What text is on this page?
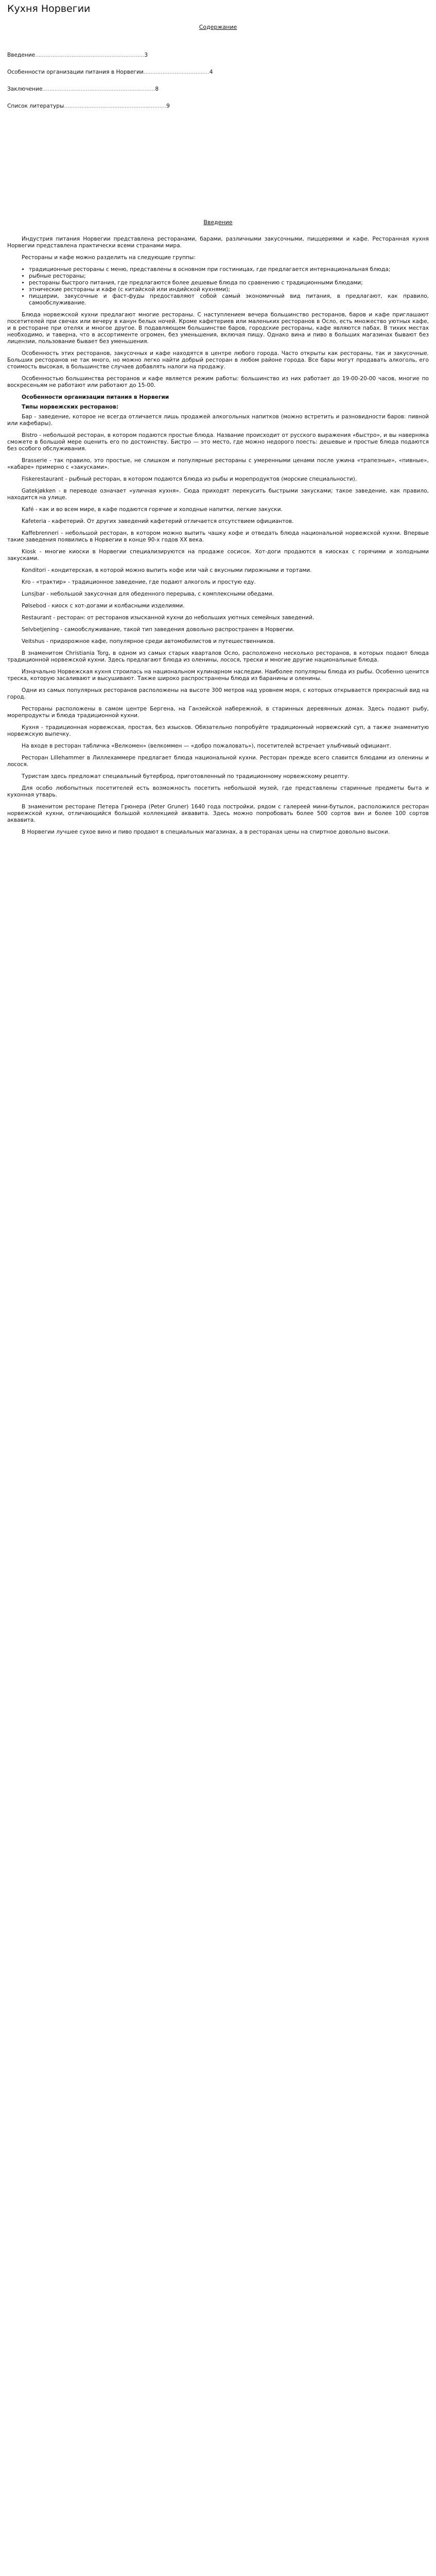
Кухня Норвегии
Содержание
Введение...............................................................3
Особенности организации питания в Норвегии......................................4
Заключение.................................................................8
Список литературы...........................................................9
Введение

Индустрия питания Норвегии представлена ресторанами, барами, различными закусочными, пиццериями и кафе. Ресторанная кухня Норвегии представлена практически всеми странами мира.

Рестораны и кафе можно разделить на следующие группы:

• традиционные рестораны с меню, представлены в основном при гостиницах, где предлагается интернациональная блюда;
• рыбные рестораны;
• рестораны быстрого питания, где предлагаются более дешевые блюда по сравнению с традиционными блюдами;
• этнические рестораны и кафе (с китайской или индийской кухнями);
• пиццерии, закусочные и фаст-фуды предоставляют собой самый экономичный вид питания, в предлагают, как правило, самообслуживание.

Блюда норвежской кухни предлагают многие рестораны. С наступлением вечера большинство ресторанов, баров и кафе приглашают посетителей при свечах или вечеру в канун белых ночей. Кроме кафетериев или маленьких ресторанов в Осло, есть множество уютных кафе, и в ресторане при отелях и многое другое. В подавляющем большинстве баров, городские рестораны, кафе являются пабах. В тихих местах необходимо, и таверна, что в ассортименте огромен, без уменьшения, включая пищу. Однако вина и пиво в больших магазинах бывают без лицензии, пользование бывает без уменьшения.

Особенность этих ресторанов, закусочных и кафе находятся в центре любого города. Часто открыты как рестораны, так и закусочные. Больших ресторанов не так много, но можно легко найти добрый ресторан в любом районе города. Все бары могут продавать алкоголь, его стоимость высокая, в большинстве случаев добавлять налоги на продажу.

Особенностью большинства ресторанов и кафе является режим работы: большинство из них работает до 19-00-20-00 часов, многие по воскресеньям не работают или работают до 15-00.

Особенности организации питания в Норвегии
Типы норвежских ресторанов:

Бар - заведение, которое не всегда отличается лишь продажей алкогольных напитков (можно встретить и разновидности баров: пивной или кафебары).

Bistro - небольшой ресторан, в котором подаются простые блюда. Название происходит от русского выражения «быстро», и вы наверняка сможете в большой мере оценить его по достоинству. Бистро — это место, где можно недорого поесть: дешевые и простые блюда подаются без особого обслуживания.

Brasserie - так правило, это простые, не слишком и популярные рестораны с умеренными ценами после ужина «трапезные», «пивные», «кабаре» примерно с «закусками».

Fiskerestaurant - рыбный ресторан, в котором подаются блюда из рыбы и морепродуктов (морские специальности).

Gatekjøkken - в переводе означает «уличная кухня». Сюда приходят перекусить быстрыми закусками; такое заведение, как правило, находится на улице.

Kafé - как и во всем мире, в кафе подаются горячие и холодные напитки, легкие закуски.

Kafeteria - кафетерий. От других заведений кафетерий отличается отсутствием официантов.

Kaffebrenneri - небольшой ресторан, в котором можно выпить чашку кофе и отведать блюда национальной норвежской кухни. Впервые такие заведения появились в Норвегии в конце 90-х годов XX века.

Kiosk - многие киоски в Норвегии специализируются на продаже сосисок. Хот-доги продаются в киосках с горячими и холодными закусками.

Konditori - кондитерская, в которой можно выпить кофе или чай с вкусными пирожными и тортами.

Kro - «трактир» - традиционное заведение, где подают алкоголь и простую еду.

Lunsjbar - небольшой закусочная для обеденного перерыва, с комплексными обедами.

Pølsebod - киоск с хот-догами и колбасными изделиями.

Restaurant - ресторан: от ресторанов изысканной кухни до небольших уютных семейных заведений.

Selvbetjening - самообслуживание, такой тип заведения довольно распространен в Норвегии.

Veitshus - придорожное кафе, популярное среди автомобилистов и путешественников.

В знаменитом Christiania Torg, в одном из самых старых кварталов Осло, расположено несколько ресторанов, в которых подают блюда традиционной норвежской кухни. Здесь предлагают блюда из оленины, лосося, трески и многие другие национальные блюда.

Изначально Норвежская кухня строилась на национальном кулинарном наследии. Наиболее популярны блюда из рыбы. Особенно ценится треска, которую засаливают и высушивают. Также широко распространены блюда из баранины и оленины.

Одни из самых популярных ресторанов расположены на высоте 300 метров над уровнем моря, с которых открывается прекрасный вид на город.

Рестораны расположены в самом центре Бергена, на Ганзейской набережной, в старинных деревянных домах. Здесь подают рыбу, морепродукты и блюда традиционной кухни.

Кухня - традиционная норвежская, простая, без изысков. Обязательно попробуйте традиционный норвежский суп, а также знаменитую норвежскую выпечку.

На входе в ресторан табличка «Велкомен» (велкоммен — «добро пожаловать»), посетителей встречает улыбчивый официант.

Ресторан Lillehammer в Лиллехаммере предлагает блюда национальной кухни. Ресторан прежде всего славится блюдами из оленины и лосося.

Туристам здесь предложат специальный бутерброд, приготовленный по традиционному норвежскому рецепту.

Для особо любопытных посетителей есть возможность посетить небольшой музей, где представлены старинные предметы быта и кухонная утварь.

В знаменитом ресторане Петера Грюнера (Peter Gruner) 1640 года постройки, рядом с галереей мини-бутылок, расположился ресторан норвежской кухни, отличающийся большой коллекцией аквавита. Здесь можно попробовать более 500 сортов вин и более 100 сортов аквавита.

В Норвегии лучшее сухое вино и пиво продают в специальных магазинах, а в ресторанах цены на спиртное довольно высоки.
